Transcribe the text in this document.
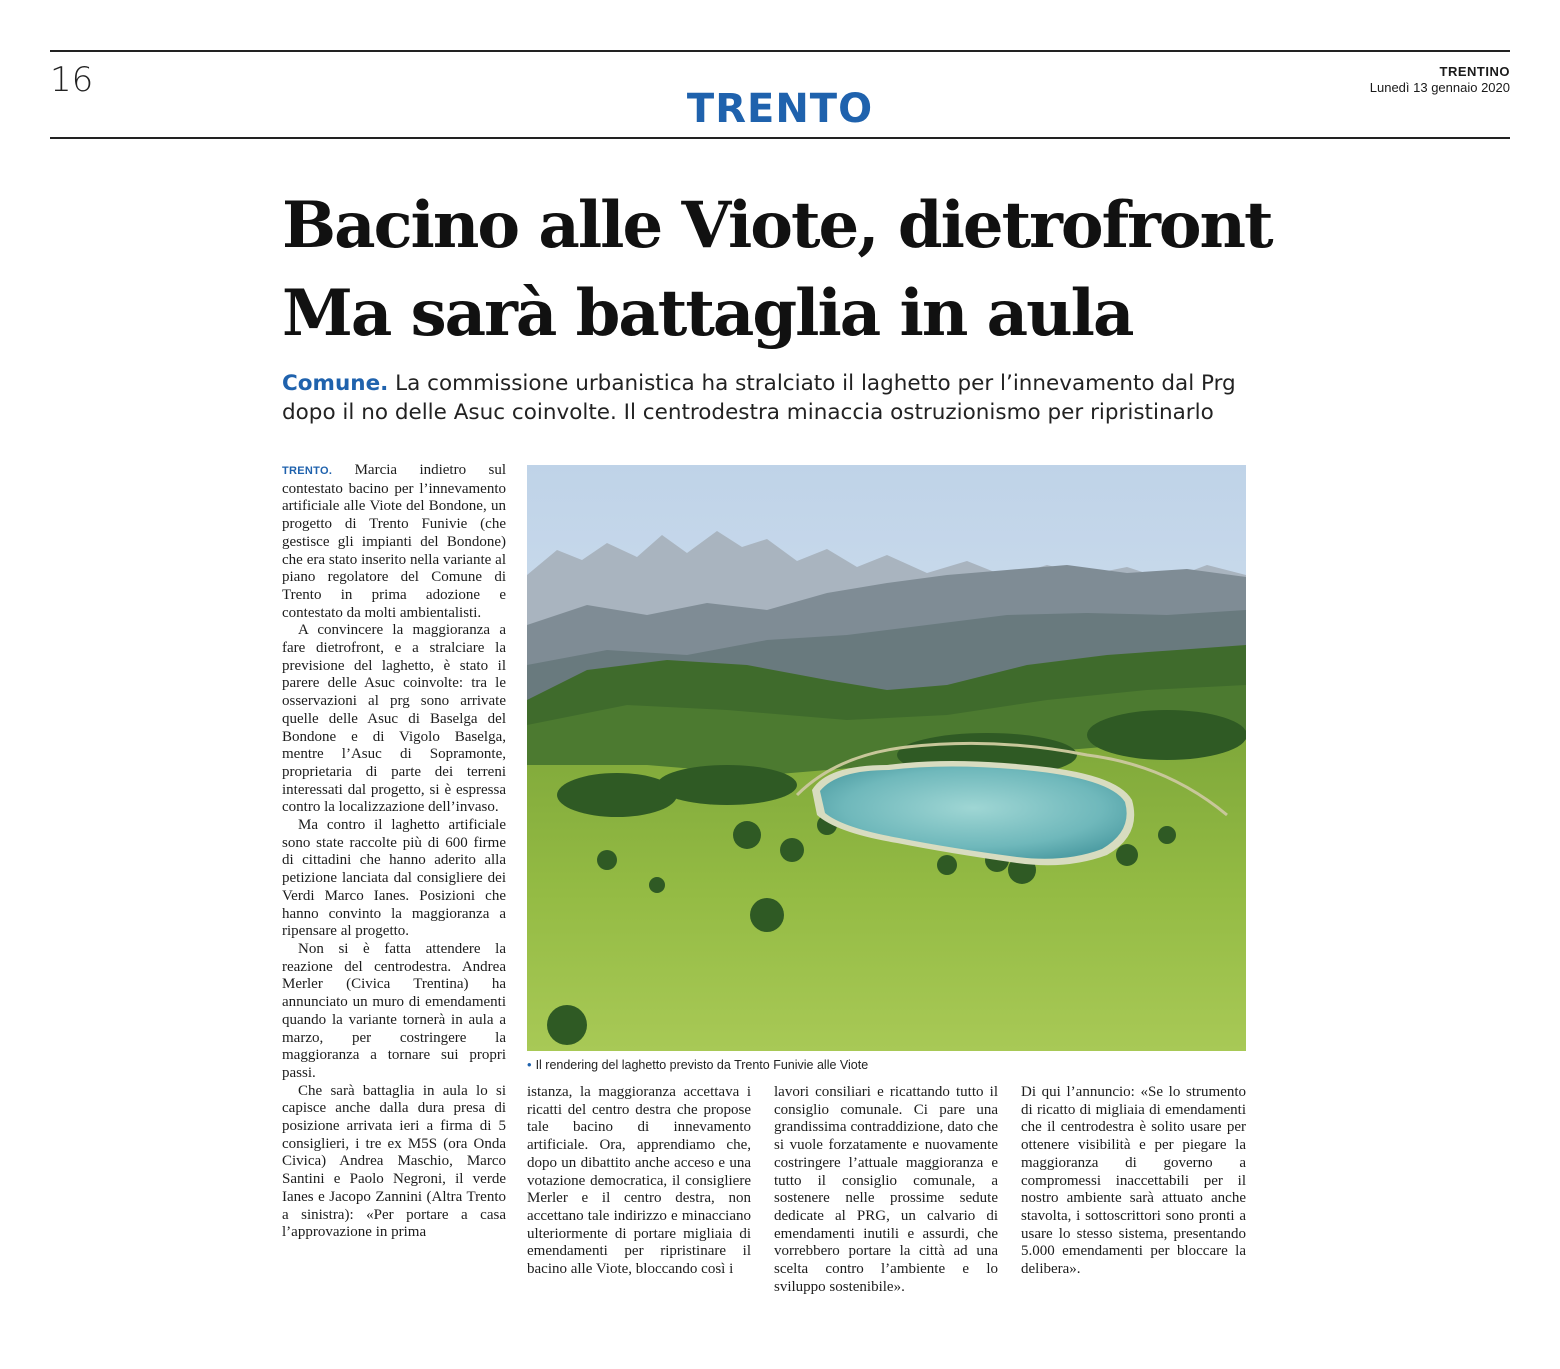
16
TRENTO
TRENTINO
Lunedì 13 gennaio 2020
Bacino alle Viote, dietrofront
Ma sarà battaglia in aula
Comune. La commissione urbanistica ha stralciato il laghetto per l’innevamento dal Prg dopo il no delle Asuc coinvolte. Il centrodestra minaccia ostruzionismo per ripristinarlo

TRENTO. Marcia indietro sul contestato bacino per l’innevamento artificiale alle Viote del Bondone, un progetto di Trento Funivie (che gestisce gli impianti del Bondone) che era stato inserito nella variante al piano regolatore del Comune di Trento in prima adozione e contestato da molti ambientalisti.

A convincere la maggioranza a fare dietrofront, e a stralciare la previsione del laghetto, è stato il parere delle Asuc coinvolte: tra le osservazioni al prg sono arrivate quelle delle Asuc di Baselga del Bondone e di Vigolo Baselga, mentre l’Asuc di Sopramonte, proprietaria di parte dei terreni interessati dal progetto, si è espressa contro la localizzazione dell’invaso.

Ma contro il laghetto artificiale sono state raccolte più di 600 firme di cittadini che hanno aderito alla petizione lanciata dal consigliere dei Verdi Marco Ianes. Posizioni che hanno convinto la maggioranza a ripensare al progetto.

Non si è fatta attendere la reazione del centrodestra. Andrea Merler (Civica Trentina) ha annunciato un muro di emendamenti quando la variante tornerà in aula a marzo, per costringere la maggioranza a tornare sui propri passi.

Che sarà battaglia in aula lo si capisce anche dalla dura presa di posizione arrivata ieri a firma di 5 consiglieri, i tre ex M5S (ora Onda Civica) Andrea Maschio, Marco Santini e Paolo Negroni, il verde Ianes e Jacopo Zannini (Altra Trento a sinistra): «Per portare a casa l’approvazione in prima

• Il rendering del laghetto previsto da Trento Funivie alle Viote

istanza, la maggioranza accettava i ricatti del centro destra che propose tale bacino di innevamento artificiale. Ora, apprendiamo che, dopo un dibattito anche acceso e una votazione democratica, il consigliere Merler e il centro destra, non accettano tale indirizzo e minacciano ulteriormente di portare migliaia di emendamenti per ripristinare il bacino alle Viote, bloccando così i

lavori consiliari e ricattando tutto il consiglio comunale. Ci pare una grandissima contraddizione, dato che si vuole forzatamente e nuovamente costringere l’attuale maggioranza e tutto il consiglio comunale, a sostenere nelle prossime sedute dedicate al PRG, un calvario di emendamenti inutili e assurdi, che vorrebbero portare la città ad una scelta contro l’ambiente e lo sviluppo sostenibile».

Di qui l’annuncio: «Se lo strumento di ricatto di migliaia di emendamenti che il centrodestra è solito usare per ottenere visibilità e per piegare la maggioranza di governo a compromessi inaccettabili per il nostro ambiente sarà attuato anche stavolta, i sottoscrittori sono pronti a usare lo stesso sistema, presentando 5.000 emendamenti per bloccare la delibera».
